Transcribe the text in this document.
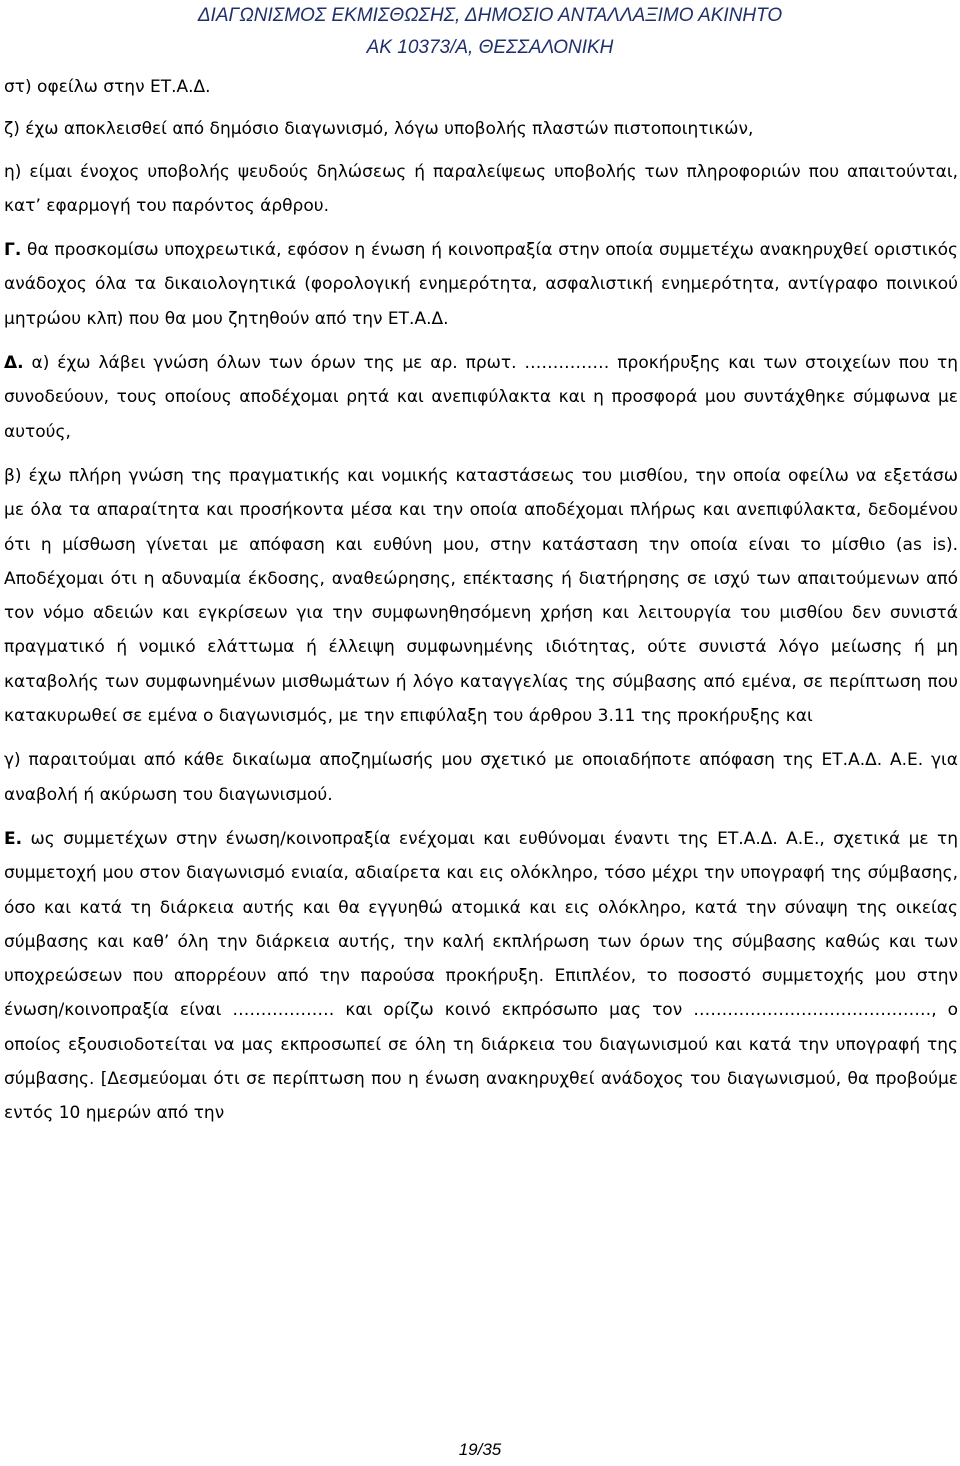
ΔΙΑΓΩΝΙΣΜΟΣ ΕΚΜΙΣΘΩΣΗΣ, ΔΗΜΟΣΙΟ ΑΝΤΑΛΛΑΞΙΜΟ ΑΚΙΝΗΤΟ
ΑΚ 10373/Α, ΘΕΣΣΑΛΟΝΙΚΗ

στ) οφείλω στην ΕΤ.Α.Δ.

ζ) έχω αποκλεισθεί από δημόσιο διαγωνισμό, λόγω υποβολής πλαστών πιστοποιητικών,

η) είμαι ένοχος υποβολής ψευδούς δηλώσεως ή παραλείψεως υποβολής των πληροφοριών που απαιτούνται, κατ’ εφαρμογή του παρόντος άρθρου.

Γ. θα προσκομίσω υποχρεωτικά, εφόσον η ένωση ή κοινοπραξία στην οποία συμμετέχω ανακηρυχθεί οριστικός ανάδοχος όλα τα δικαιολογητικά (φορολογική ενημερότητα, ασφαλιστική ενημερότητα, αντίγραφο ποινικού μητρώου κλπ) που θα μου ζητηθούν από την ΕΤ.Α.Δ.

Δ. α) έχω λάβει γνώση όλων των όρων της με αρ. πρωτ. …………… προκήρυξης και των στοιχείων που τη συνοδεύουν, τους οποίους αποδέχομαι ρητά και ανεπιφύλακτα και η προσφορά μου συντάχθηκε σύμφωνα με αυτούς,

β) έχω πλήρη γνώση της πραγματικής και νομικής καταστάσεως του μισθίου, την οποία οφείλω να εξετάσω με όλα τα απαραίτητα και προσήκοντα μέσα και την οποία αποδέχομαι πλήρως και ανεπιφύλακτα, δεδομένου ότι η μίσθωση γίνεται με απόφαση και ευθύνη μου, στην κατάσταση την οποία είναι το μίσθιο (as is). Αποδέχομαι ότι η αδυναμία έκδοσης, αναθεώρησης, επέκτασης ή διατήρησης σε ισχύ των απαιτούμενων από τον νόμο αδειών και εγκρίσεων για την συμφωνηθησόμενη χρήση και λειτουργία του μισθίου δεν συνιστά πραγματικό ή νομικό ελάττωμα ή έλλειψη συμφωνημένης ιδιότητας, ούτε συνιστά λόγο μείωσης ή μη καταβολής των συμφωνημένων μισθωμάτων ή λόγο καταγγελίας της σύμβασης από εμένα, σε περίπτωση που κατακυρωθεί σε εμένα ο διαγωνισμός, με την επιφύλαξη του άρθρου 3.11 της προκήρυξης και

γ) παραιτούμαι από κάθε δικαίωμα αποζημίωσής μου σχετικό με οποιαδήποτε απόφαση της ΕΤ.Α.Δ. Α.Ε. για αναβολή ή ακύρωση του διαγωνισμού.

Ε. ως συμμετέχων στην ένωση/κοινοπραξία ενέχομαι και ευθύνομαι έναντι της ΕΤ.Α.Δ. Α.Ε., σχετικά με τη συμμετοχή μου στον διαγωνισμό ενιαία, αδιαίρετα και εις ολόκληρο, τόσο μέχρι την υπογραφή της σύμβασης, όσο και κατά τη διάρκεια αυτής και θα εγγυηθώ ατομικά και εις ολόκληρο, κατά την σύναψη της οικείας σύμβασης και καθ’ όλη την διάρκεια αυτής, την καλή εκπλήρωση των όρων της σύμβασης καθώς και των υποχρεώσεων που απορρέουν από την παρούσα προκήρυξη. Επιπλέον, το ποσοστό συμμετοχής μου στην ένωση/κοινοπραξία είναι ……………… και ορίζω κοινό εκπρόσωπο μας τον ……………………………………, ο οποίος εξουσιοδοτείται να μας εκπροσωπεί σε όλη τη διάρκεια του διαγωνισμού και κατά την υπογραφή της σύμβασης. [Δεσμεύομαι ότι σε περίπτωση που η ένωση ανακηρυχθεί ανάδοχος του διαγωνισμού, θα προβούμε εντός 10 ημερών από την

19/35
